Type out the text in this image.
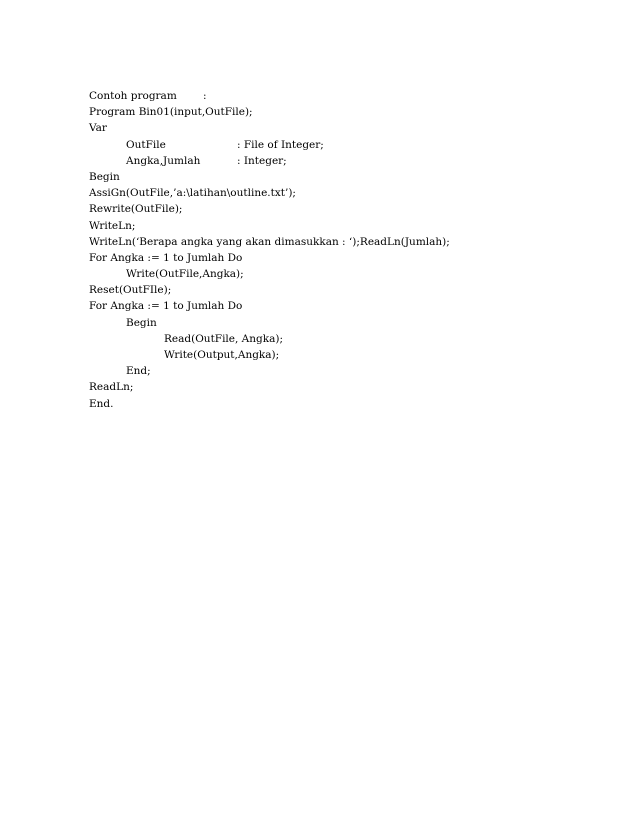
Contoh program :
Program Bin01(input,OutFile);
Var
OutFile	: File of Integer;
Angka,Jumlah	: Integer;
Begin
AssiGn(OutFile,’a:\latihan\outline.txt’);
Rewrite(OutFile);
WriteLn;
WriteLn(‘Berapa angka yang akan dimasukkan : ‘);ReadLn(Jumlah);
For Angka := 1 to Jumlah Do
Write(OutFile,Angka);
Reset(OutFIle);
For Angka := 1 to Jumlah Do
Begin
Read(OutFile, Angka);
Write(Output,Angka);
End;
ReadLn;
End.
